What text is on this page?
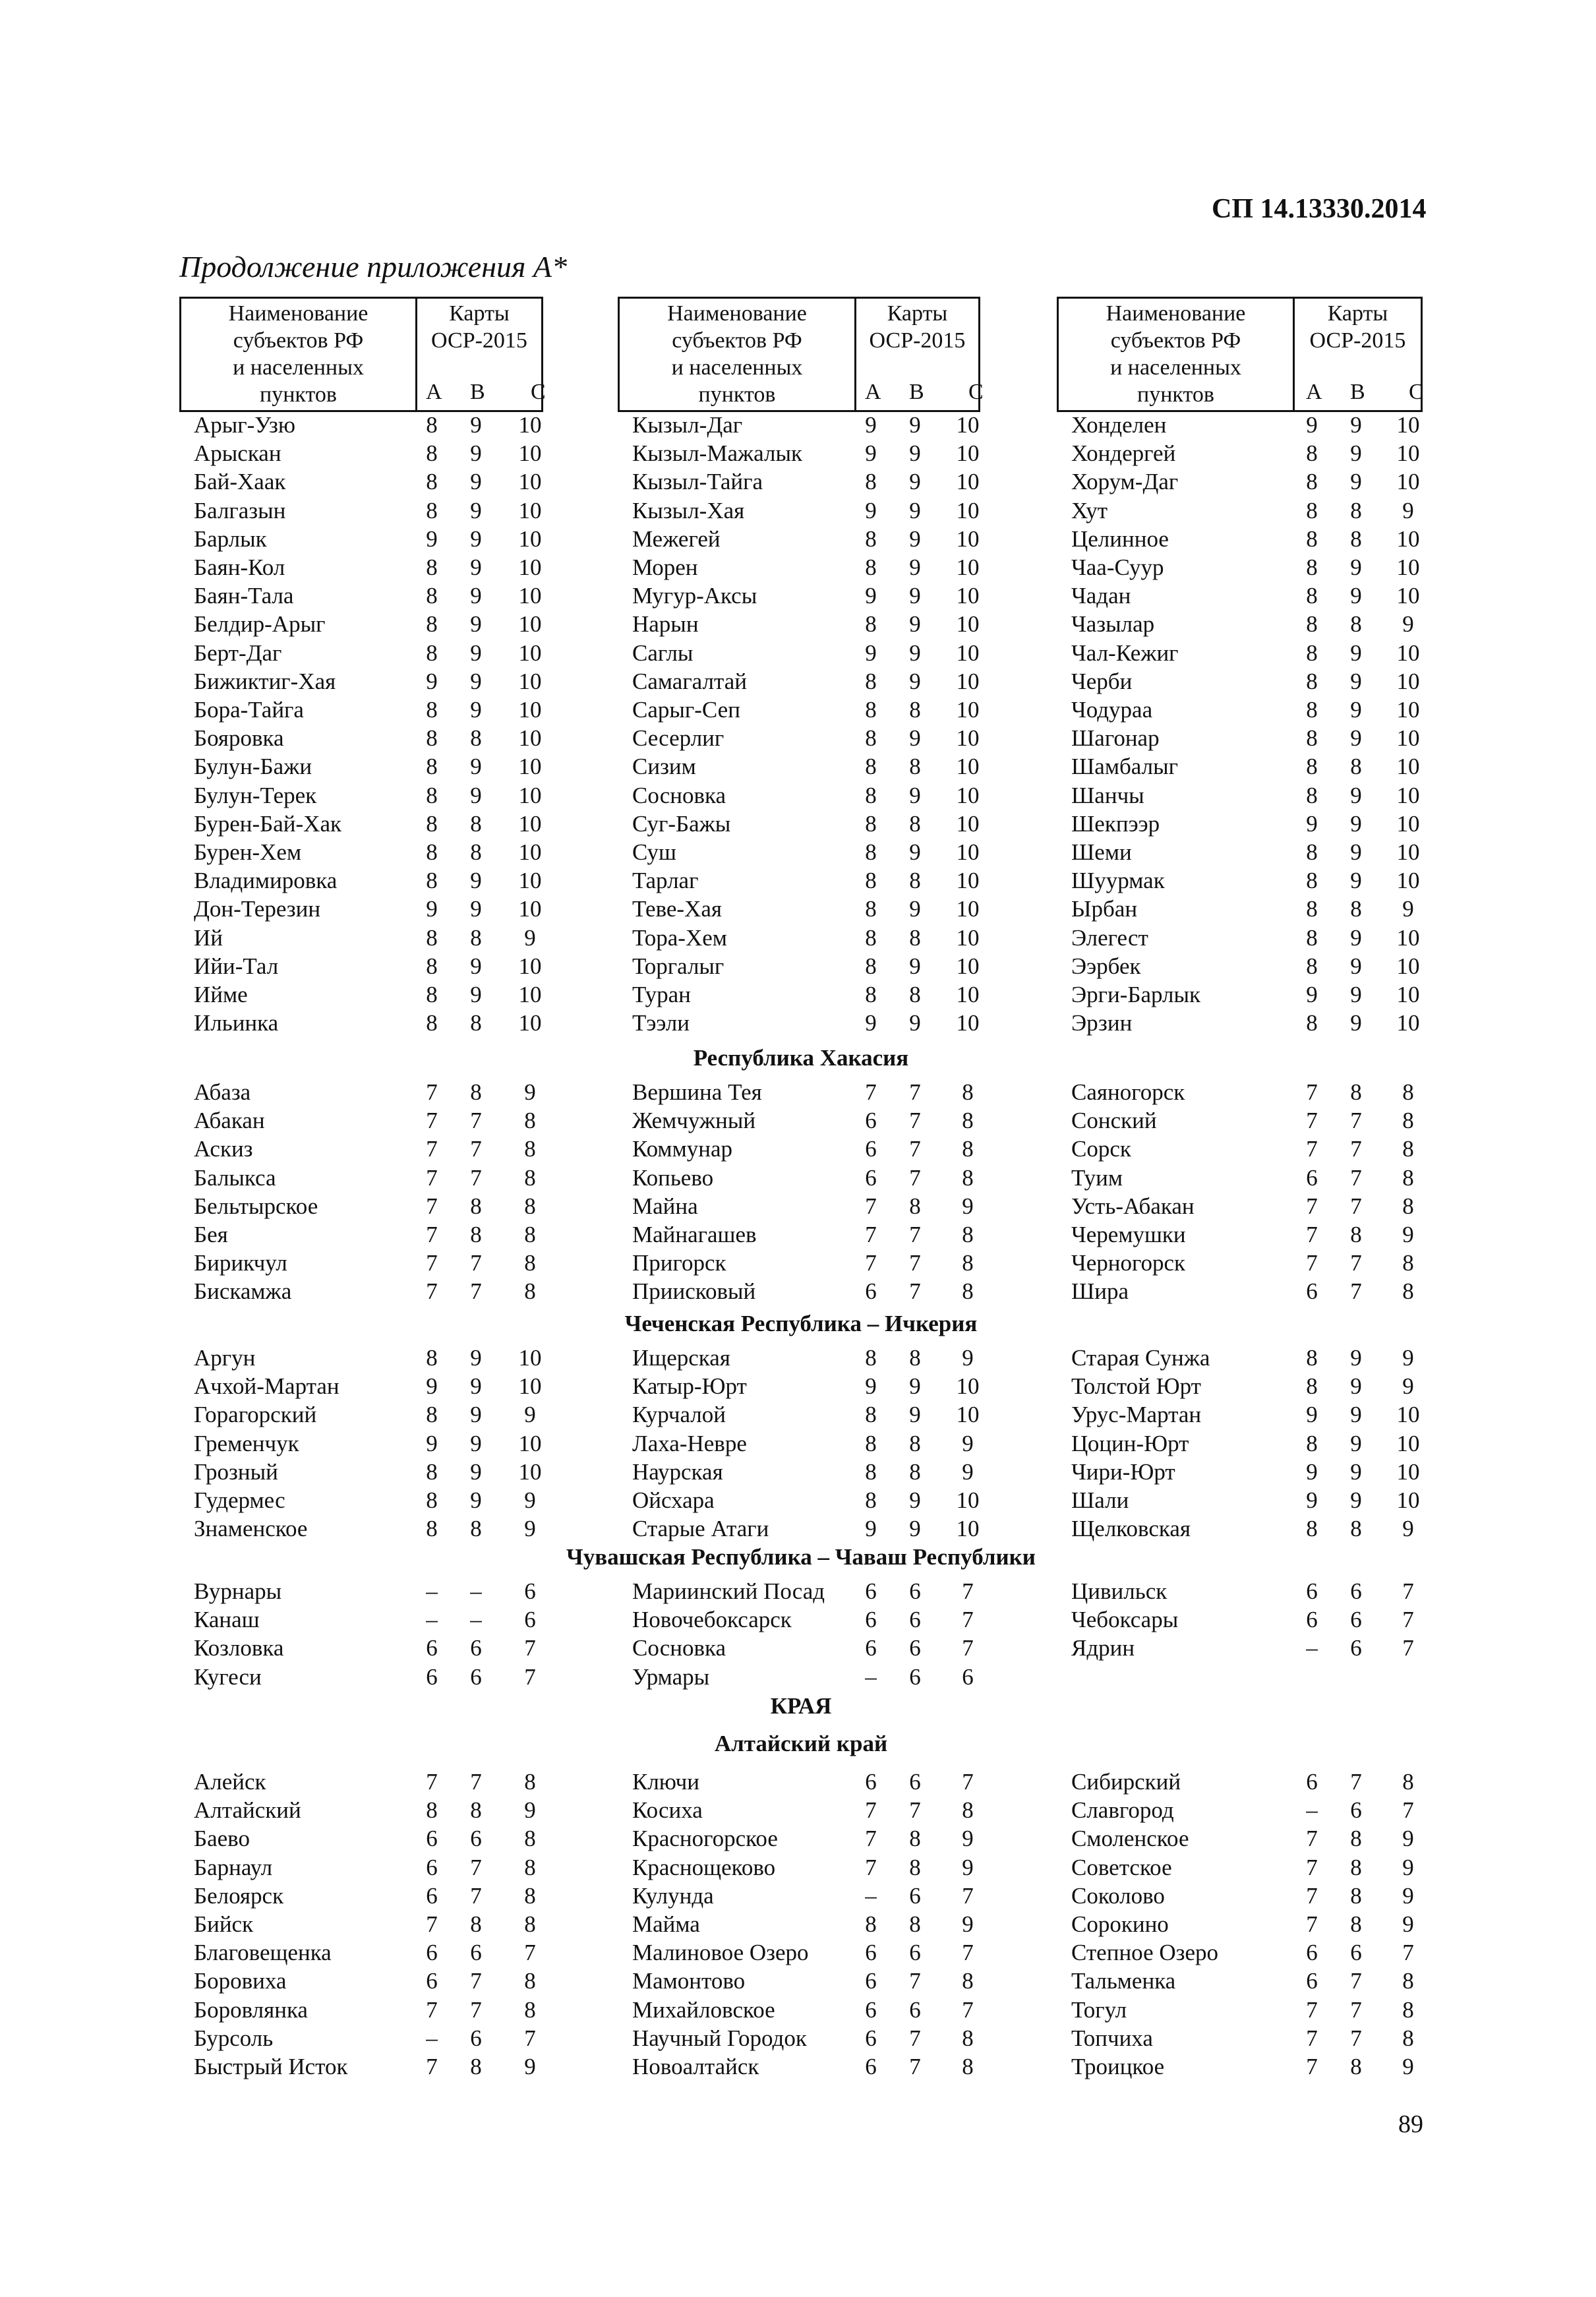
СП 14.13330.2014
Продолжение приложения А*
Наименование
субъектов РФ
и населенных
пунктов
Карты
ОСР-2015
А В С
Наименование
субъектов РФ
и населенных
пунктов
Карты
ОСР-2015
А В С
Наименование
субъектов РФ
и населенных
пунктов
Карты
ОСР-2015
А В С
Арыг-Узю	8	9	10	Кызыл-Даг	9	9	10	Хонделен	9	9	10
Арыскан	8	9	10	Кызыл-Мажалык	9	9	10	Хондергей	8	9	10
Бай-Хаак	8	9	10	Кызыл-Тайга	8	9	10	Хорум-Даг	8	9	10
Балгазын	8	9	10	Кызыл-Хая	9	9	10	Хут	8	8	9
Барлык	9	9	10	Межегей	8	9	10	Целинное	8	8	10
Баян-Кол	8	9	10	Морен	8	9	10	Чаа-Суур	8	9	10
Баян-Тала	8	9	10	Мугур-Аксы	9	9	10	Чадан	8	9	10
Белдир-Арыг	8	9	10	Нарын	8	9	10	Чазылар	8	8	9
Берт-Даг	8	9	10	Саглы	9	9	10	Чал-Кежиг	8	9	10
Бижиктиг-Хая	9	9	10	Самагалтай	8	9	10	Черби	8	9	10
Бора-Тайга	8	9	10	Сарыг-Сеп	8	8	10	Чодураа	8	9	10
Бояровка	8	8	10	Сесерлиг	8	9	10	Шагонар	8	9	10
Булун-Бажи	8	9	10	Сизим	8	8	10	Шамбалыг	8	8	10
Булун-Терек	8	9	10	Сосновка	8	9	10	Шанчы	8	9	10
Бурен-Бай-Хак	8	8	10	Суг-Бажы	8	8	10	Шекпээр	9	9	10
Бурен-Хем	8	8	10	Суш	8	9	10	Шеми	8	9	10
Владимировка	8	9	10	Тарлаг	8	8	10	Шуурмак	8	9	10
Дон-Терезин	9	9	10	Теве-Хая	8	9	10	Ырбан	8	8	9
Ий	8	8	9	Тора-Хем	8	8	10	Элегест	8	9	10
Ийи-Тал	8	9	10	Торгалыг	8	9	10	Ээрбек	8	9	10
Ийме	8	9	10	Туран	8	8	10	Эрги-Барлык	9	9	10
Ильинка	8	8	10	Тээли	9	9	10	Эрзин	8	9	10
Республика Хакасия
Абаза	7	8	9	Вершина Тея	7	7	8	Саяногорск	7	8	8
Абакан	7	7	8	Жемчужный	6	7	8	Сонский	7	7	8
Аскиз	7	7	8	Коммунар	6	7	8	Сорск	7	7	8
Балыкса	7	7	8	Копьево	6	7	8	Туим	6	7	8
Бельтырское	7	8	8	Майна	7	8	9	Усть-Абакан	7	7	8
Бея	7	8	8	Майнагашев	7	7	8	Черемушки	7	8	9
Бирикчул	7	7	8	Пригорск	7	7	8	Черногорск	7	7	8
Бискамжа	7	7	8	Приисковый	6	7	8	Шира	6	7	8
Чеченская Республика – Ичкерия
Аргун	8	9	10	Ищерская	8	8	9	Старая Сунжа	8	9	9
Ачхой-Мартан	9	9	10	Катыр-Юрт	9	9	10	Толстой Юрт	8	9	9
Горагорский	8	9	9	Курчалой	8	9	10	Урус-Мартан	9	9	10
Гременчук	9	9	10	Лаха-Невре	8	8	9	Цоцин-Юрт	8	9	10
Грозный	8	9	10	Наурская	8	8	9	Чири-Юрт	9	9	10
Гудермес	8	9	9	Ойсхара	8	9	10	Шали	9	9	10
Знаменское	8	8	9	Старые Атаги	9	9	10	Щелковская	8	8	9
Чувашская Республика – Чаваш Республики
Вурнары	–	–	6	Мариинский Посад	6	6	7	Цивильск	6	6	7
Канаш	–	–	6	Новочебоксарск	6	6	7	Чебоксары	6	6	7
Козловка	6	6	7	Сосновка	6	6	7	Ядрин	–	6	7
Кугеси	6	6	7	Урмары	–	6	6
КРАЯ
Алтайский край
Алейск	7	7	8	Ключи	6	6	7	Сибирский	6	7	8
Алтайский	8	8	9	Косиха	7	7	8	Славгород	–	6	7
Баево	6	6	8	Красногорское	7	8	9	Смоленское	7	8	9
Барнаул	6	7	8	Краснощеково	7	8	9	Советское	7	8	9
Белоярск	6	7	8	Кулунда	–	6	7	Соколово	7	8	9
Бийск	7	8	8	Майма	8	8	9	Сорокино	7	8	9
Благовещенка	6	6	7	Малиновое Озеро	6	6	7	Степное Озеро	6	6	7
Боровиха	6	7	8	Мамонтово	6	7	8	Тальменка	6	7	8
Боровлянка	7	7	8	Михайловское	6	6	7	Тогул	7	7	8
Бурсоль	–	6	7	Научный Городок	6	7	8	Топчиха	7	7	8
Быстрый Исток	7	8	9	Новоалтайск	6	7	8	Троицкое	7	8	9
89
